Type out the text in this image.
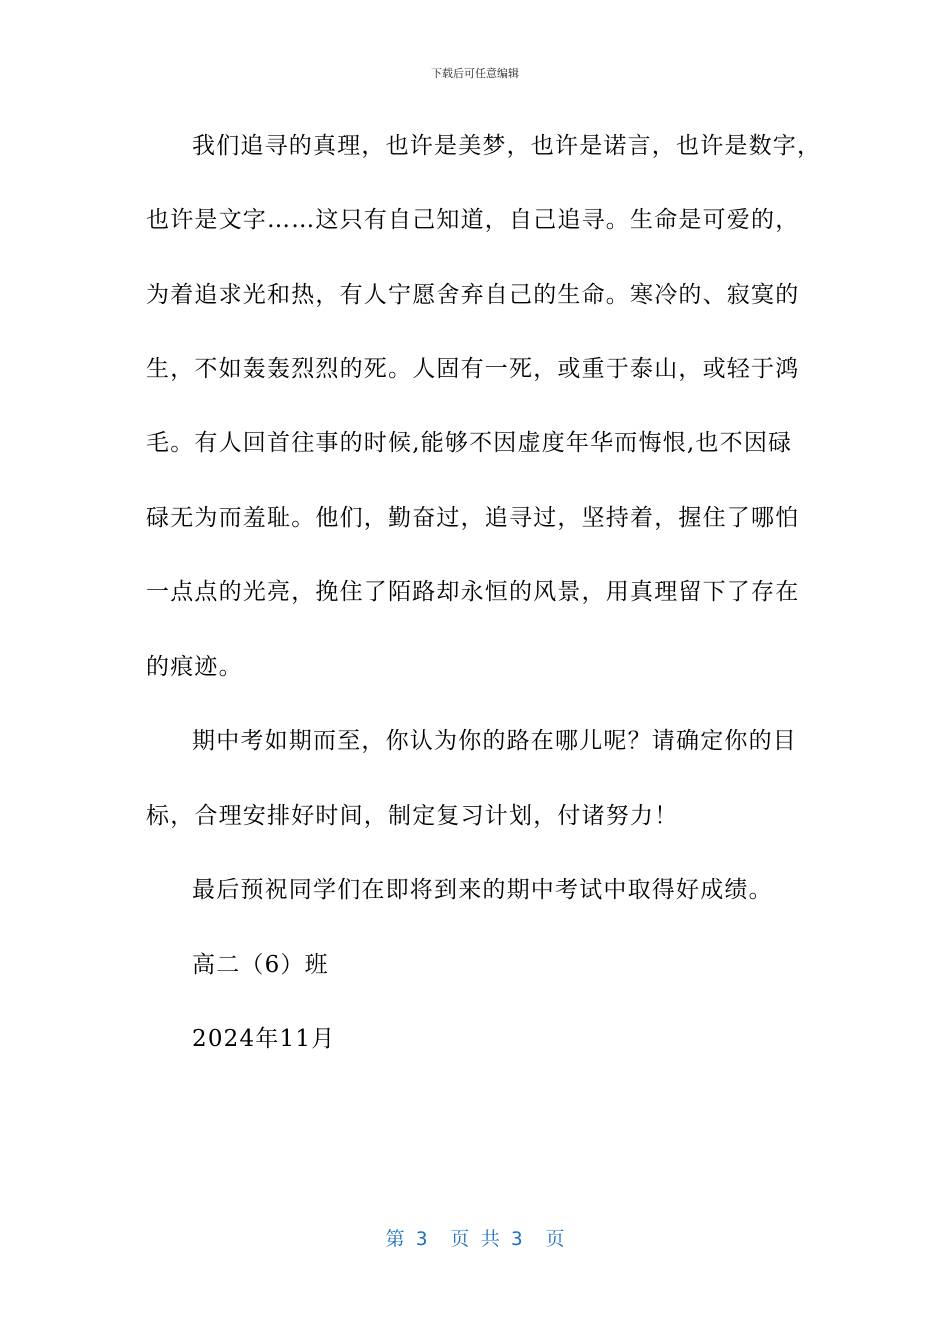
下载后可任意编辑
我们追寻的真理，也许是美梦，也许是诺言，也许是数字，
也许是文字……这只有自己知道，自己追寻。生命是可爱的，
为着追求光和热，有人宁愿舍弃自己的生命。寒冷的、寂寞的
生，不如轰轰烈烈的死。人固有一死，或重于泰山，或轻于鸿
毛。有人回首往事的时候,能够不因虚度年华而悔恨,也不因碌
碌无为而羞耻。他们，勤奋过，追寻过，坚持着，握住了哪怕
一点点的光亮，挽住了陌路却永恒的风景，用真理留下了存在
的痕迹。
期中考如期而至，你认为你的路在哪儿呢？请确定你的目
标，合理安排好时间，制定复习计划，付诸努力！
最后预祝同学们在即将到来的期中考试中取得好成绩。
高二（6）班
2024年11月
第 3  页 共 3  页
